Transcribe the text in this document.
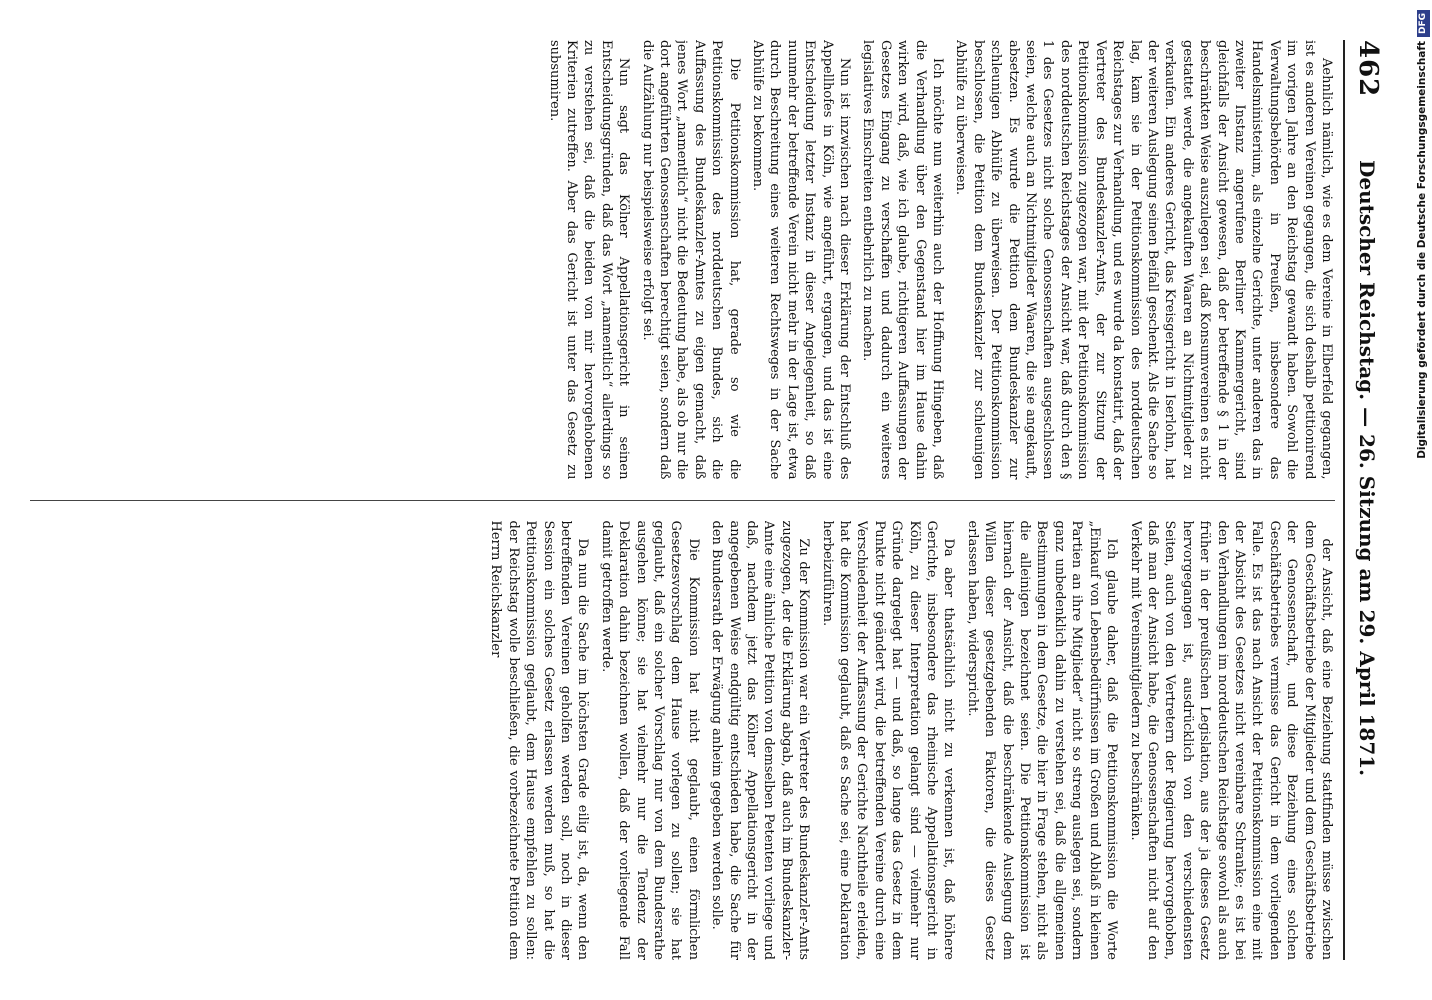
462
Deutscher Reichstag. — 26. Sitzung am 29. April 1871.

Aehnlich nämlich, wie es dem Vereine in Elberfeld gegangen, ist es anderen Vereinen gegangen, die sich deshalb petitionirend im vorigen Jahre an den Reichstag gewandt haben. Sowohl die Verwaltungsbehörden in Preußen, insbesondere das Handelsministerium, als einzelne Gerichte, unter anderen das in zweiter Instanz angerufene Berliner Kammergericht, sind gleichfalls der Ansicht gewesen, daß der betreffende § 1 in der beschränkten Weise auszulegen sei, daß Konsumvereinen es nicht gestattet werde, die angekauften Waaren an Nichtmitglieder zu verkaufen. Ein anderes Gericht, das Kreisgericht in Iserlohn, hat der weiteren Auslegung seinen Beifall geschenkt. Als die Sache so lag, kam sie in der Petitionskommission des norddeutschen Reichstages zur Verhandlung, und es wurde da konstatirt, daß der Vertreter des Bundeskanzler-Amts, der zur Sitzung der Petitionskommission zugezogen war, mit der Petitionskommission des norddeutschen Reichstages der Ansicht war, daß durch den § 1 des Gesetzes nicht solche Genossenschaften ausgeschlossen seien, welche auch an Nichtmitglieder Waaren, die sie angekauft, absetzen. Es wurde die Petition dem Bundeskanzler zur schleunigen Abhülfe zu überweisen. Der Petitionskommission beschlossen, die Petition dem Bundeskanzler zur schleunigen Abhülfe zu überweisen.

Ich möchte nun weiterhin auch der Hoffnung Hingeben, daß die Verhandlung über den Gegenstand hier im Hause dahin wirken wird, daß, wie ich glaube, richtigeren Auffassungen der Gesetzes Eingang zu verschaffen und dadurch ein weiteres legislatives Einschreiten entbehrlich zu machen.

Nun ist inzwischen nach dieser Erklärung der Entschluß des Appellhofes in Köln, wie angeführt, ergangen, und das ist eine Entscheidung letzter Instanz in dieser Angelegenheit, so daß nunmehr der betreffende Verein nicht mehr in der Lage ist, etwa durch Beschreitung eines weiteren Rechtsweges in der Sache Abhülfe zu bekommen.

Die Petitionskommission hat, gerade so wie die Petitionskommission des norddeutschen Bundes, sich die Auffassung des Bundeskanzler-Amtes zu eigen gemacht, daß jenes Wort „namentlich“ nicht die Bedeutung habe, als ob nur die dort angeführten Genossenschaften berechtigt seien, sondern daß die Aufzählung nur beispielsweise erfolgt sei.

Nun sagt das Kölner Appellationsgericht in seinen Entscheidungsgründen, daß das Wort „namentlich“ allerdings so zu verstehen sei, daß die beiden von mir hervorgehobenen Kriterien zutreffen. Aber das Gericht ist unter das Gesetz zu subsumiren.

der Ansicht, daß eine Beziehung stattfinden müsse zwischen dem Geschäftsbetriebe der Mitglieder und dem Geschäftsbetriebe der Genossenschaft, und diese Beziehung eines solchen Geschäftsbetriebes vermisse das Gericht in dem vorliegenden Falle. Es ist das nach Ansicht der Petitionskommission eine mit der Absicht des Gesetzes nicht vereinbare Schranke; es ist bei den Verhandlungen im norddeutschen Reichstage sowohl als auch früher in der preußischen Legislation, aus der ja dieses Gesetz hervorgegangen ist, ausdrücklich von den verschiedensten Seiten, auch von den Vertretern der Regierung hervorgehoben, daß man der Ansicht habe, die Genossenschaften nicht auf den Verkehr mit Vereinsmitgliedern zu beschränken.

Ich glaube daher, daß die Petitionskommission die Worte „Einkauf von Lebensbedürfnissen im Großen und Ablaß in kleinen Partien an ihre Mitglieder“ nicht so streng auslegen sei, sondern ganz unbedenklich dahin zu verstehen sei, daß die allgemeinen Bestimmungen in dem Gesetze, die hier in Frage stehen, nicht als die alleinigen bezeichnet seien. Die Petitionskommission ist hiernach der Ansicht, daß die beschränkende Auslegung dem Willen dieser gesetzgebenden Faktoren, die dieses Gesetz erlassen haben, widerspricht.

Da aber thatsächlich nicht zu verkennen ist, daß höhere Gerichte, insbesondere das rheinische Appellationsgericht in Köln, zu dieser Interpretation gelangt sind — vielmehr nur Gründe dargelegt hat — und daß, so lange das Gesetz in dem Punkte nicht geändert wird, die betreffenden Vereine durch eine Verschiedenheit der Auffassung der Gerichte Nachtheile erleiden, hat die Kommission geglaubt, daß es Sache sei, eine Deklaration herbeizuführen.

Zu der Kommission war ein Vertreter des Bundeskanzler-Amts zugezogen, der die Erklärung abgab, daß auch im Bundeskanzler-Amte eine ähnliche Petition von demselben Petenten vorliege und daß, nachdem jetzt das Kölner Appellationsgericht in der angegebenen Weise endgültig entschieden habe, die Sache für den Bundesrath der Erwägung anheim gegeben werden solle.

Die Kommission hat nicht geglaubt, einen förmlichen Gesetzesvorschlag dem Hause vorlegen zu sollen; sie hat geglaubt, daß ein solcher Vorschlag nur von dem Bundesrathe ausgehen könne; sie hat vielmehr nur die Tendenz der Deklaration dahin bezeichnen wollen, daß der vorliegende Fall damit getroffen werde.

Da nun die Sache im höchsten Grade eilig ist, da, wenn den betreffenden Vereinen geholfen werden soll, noch in dieser Session ein solches Gesetz erlassen werden muß, so hat die Petitionskommission geglaubt, dem Hause empfehlen zu sollen: der Reichstag wolle beschließen, die vorbezeichnete Petition dem Herrn Reichskanzler

Digitalisierung gefördert durch die Deutsche ForschungsgemeinschaftDFG
